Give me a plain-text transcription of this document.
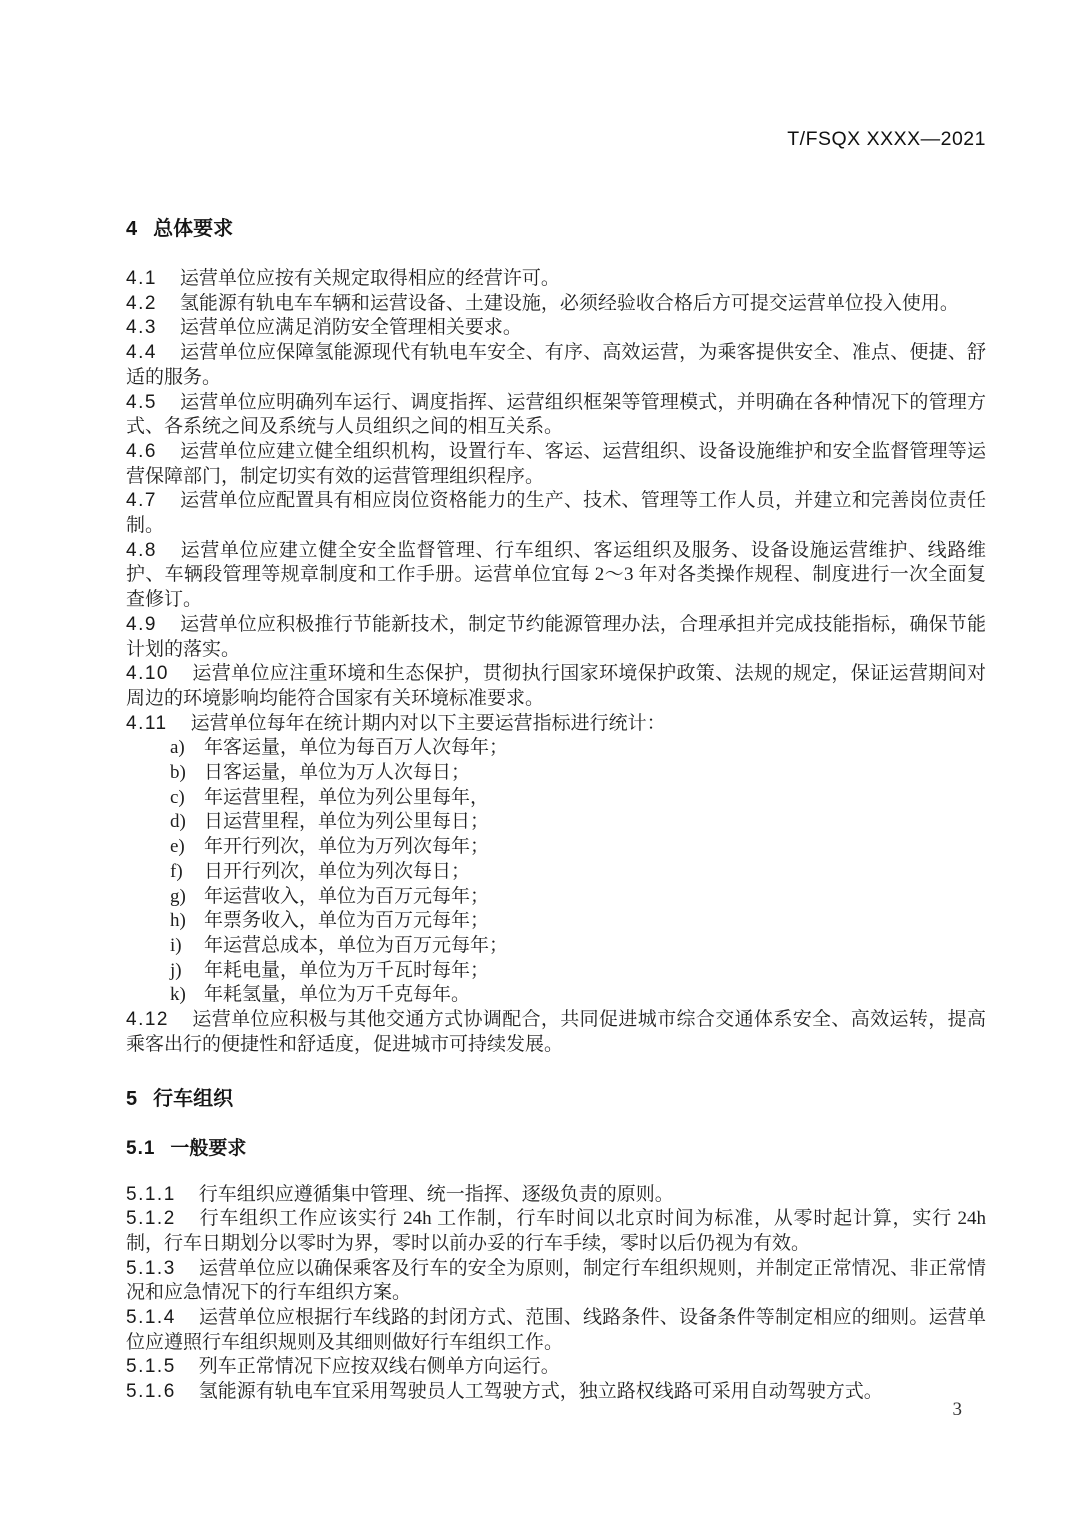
T/FSQX XXXX—2021
4 总体要求

4.1 运营单位应按有关规定取得相应的经营许可。

4.2 氢能源有轨电车车辆和运营设备、土建设施，必须经验收合格后方可提交运营单位投入使用。

4.3 运营单位应满足消防安全管理相关要求。

4.4 运营单位应保障氢能源现代有轨电车安全、有序、高效运营，为乘客提供安全、准点、便捷、舒适的服务。

4.5 运营单位应明确列车运行、调度指挥、运营组织框架等管理模式，并明确在各种情况下的管理方式、各系统之间及系统与人员组织之间的相互关系。

4.6 运营单位应建立健全组织机构，设置行车、客运、运营组织、设备设施维护和安全监督管理等运营保障部门，制定切实有效的运营管理组织程序。

4.7 运营单位应配置具有相应岗位资格能力的生产、技术、管理等工作人员，并建立和完善岗位责任制。

4.8 运营单位应建立健全安全监督管理、行车组织、客运组织及服务、设备设施运营维护、线路维护、车辆段管理等规章制度和工作手册。运营单位宜每 2～3 年对各类操作规程、制度进行一次全面复查修订。

4.9 运营单位应积极推行节能新技术，制定节约能源管理办法，合理承担并完成技能指标，确保节能计划的落实。

4.10 运营单位应注重环境和生态保护，贯彻执行国家环境保护政策、法规的规定，保证运营期间对周边的环境影响均能符合国家有关环境标准要求。

4.11 运营单位每年在统计期内对以下主要运营指标进行统计：

a) 年客运量，单位为每百万人次每年；
b) 日客运量，单位为万人次每日；
c) 年运营里程，单位为列公里每年，
d) 日运营里程，单位为列公里每日；
e) 年开行列次，单位为万列次每年；
f) 日开行列次，单位为列次每日；
g) 年运营收入，单位为百万元每年；
h) 年票务收入，单位为百万元每年；
i) 年运营总成本，单位为百万元每年；
j) 年耗电量，单位为万千瓦时每年；
k) 年耗氢量，单位为万千克每年。

4.12 运营单位应积极与其他交通方式协调配合，共同促进城市综合交通体系安全、高效运转，提高乘客出行的便捷性和舒适度，促进城市可持续发展。

5 行车组织
5.1 一般要求

5.1.1 行车组织应遵循集中管理、统一指挥、逐级负责的原则。

5.1.2 行车组织工作应该实行 24h 工作制，行车时间以北京时间为标准，从零时起计算，实行 24h 制，行车日期划分以零时为界，零时以前办妥的行车手续，零时以后仍视为有效。

5.1.3 运营单位应以确保乘客及行车的安全为原则，制定行车组织规则，并制定正常情况、非正常情况和应急情况下的行车组织方案。

5.1.4 运营单位应根据行车线路的封闭方式、范围、线路条件、设备条件等制定相应的细则。运营单位应遵照行车组织规则及其细则做好行车组织工作。

5.1.5 列车正常情况下应按双线右侧单方向运行。

5.1.6 氢能源有轨电车宜采用驾驶员人工驾驶方式，独立路权线路可采用自动驾驶方式。

3
